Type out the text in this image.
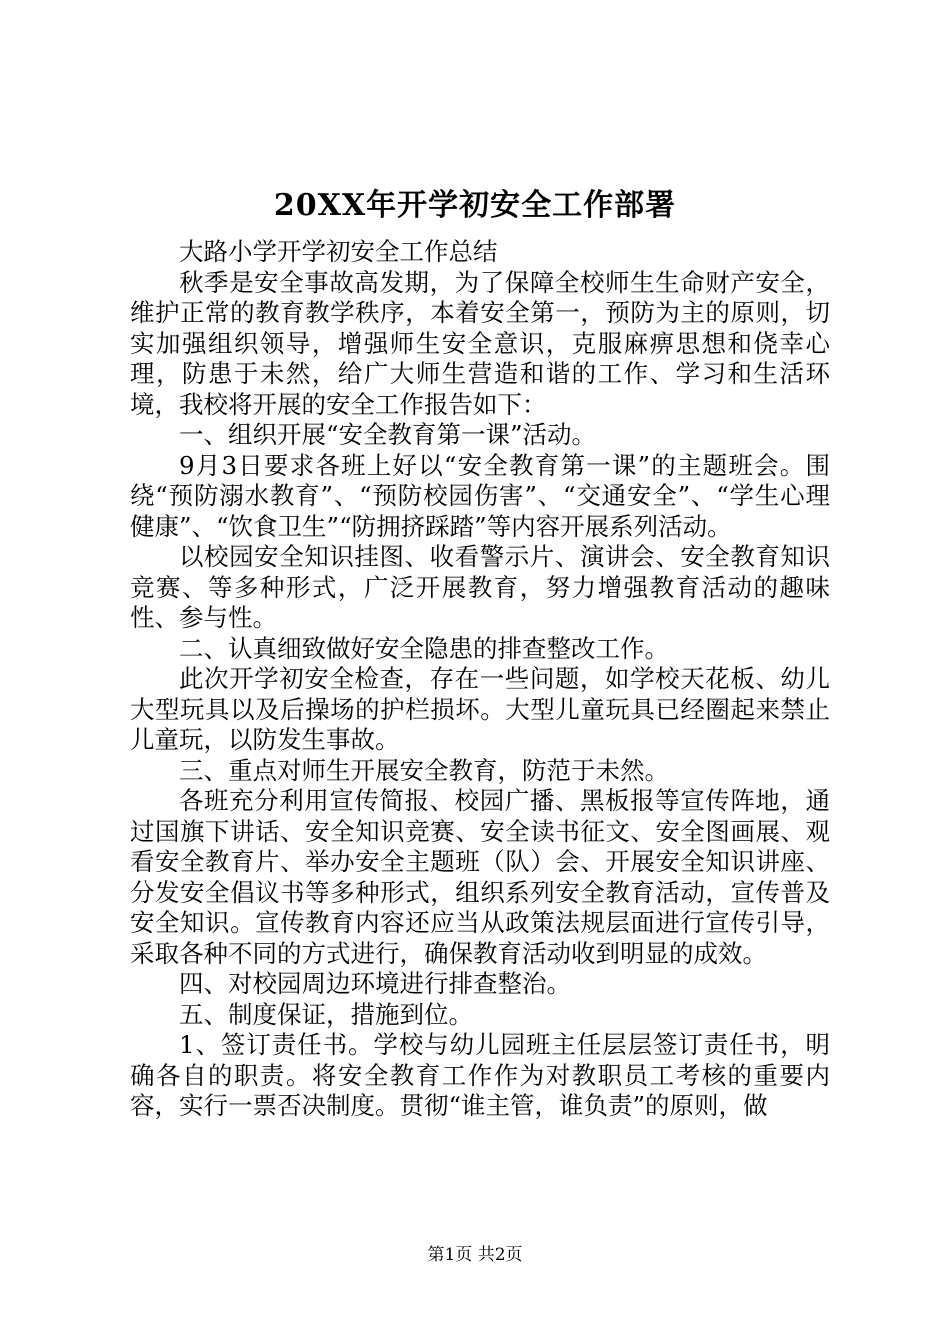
20XX年开学初安全工作部署

大路小学开学初安全工作总结

秋季是安全事故高发期，为了保障全校师生生命财产安全，维护正常的教育教学秩序，本着安全第一，预防为主的原则，切实加强组织领导，增强师生安全意识，克服麻痹思想和侥幸心理，防患于未然，给广大师生营造和谐的工作、学习和生活环境，我校将开展的安全工作报告如下：

一、组织开展“安全教育第一课”活动。

9月3日要求各班上好以“安全教育第一课”的主题班会。围绕“预防溺水教育”、“预防校园伤害”、“交通安全”、“学生心理健康”、“饮食卫生”“防拥挤踩踏”等内容开展系列活动。

以校园安全知识挂图、收看警示片、演讲会、安全教育知识竞赛、等多种形式，广泛开展教育，努力增强教育活动的趣味性、参与性。

二、认真细致做好安全隐患的排查整改工作。

此次开学初安全检查，存在一些问题，如学校天花板、幼儿大型玩具以及后操场的护栏损坏。大型儿童玩具已经圈起来禁止儿童玩，以防发生事故。

三、重点对师生开展安全教育，防范于未然。

各班充分利用宣传简报、校园广播、黑板报等宣传阵地，通过国旗下讲话、安全知识竞赛、安全读书征文、安全图画展、观看安全教育片、举办安全主题班（队）会、开展安全知识讲座、分发安全倡议书等多种形式，组织系列安全教育活动，宣传普及安全知识。宣传教育内容还应当从政策法规层面进行宣传引导，采取各种不同的方式进行，确保教育活动收到明显的成效。

四、对校园周边环境进行排查整治。

五、制度保证，措施到位。

1、签订责任书。学校与幼儿园班主任层层签订责任书，明确各自的职责。将安全教育工作作为对教职员工考核的重要内容，实行一票否决制度。贯彻“谁主管，谁负责”的原则，做

第1页 共2页
